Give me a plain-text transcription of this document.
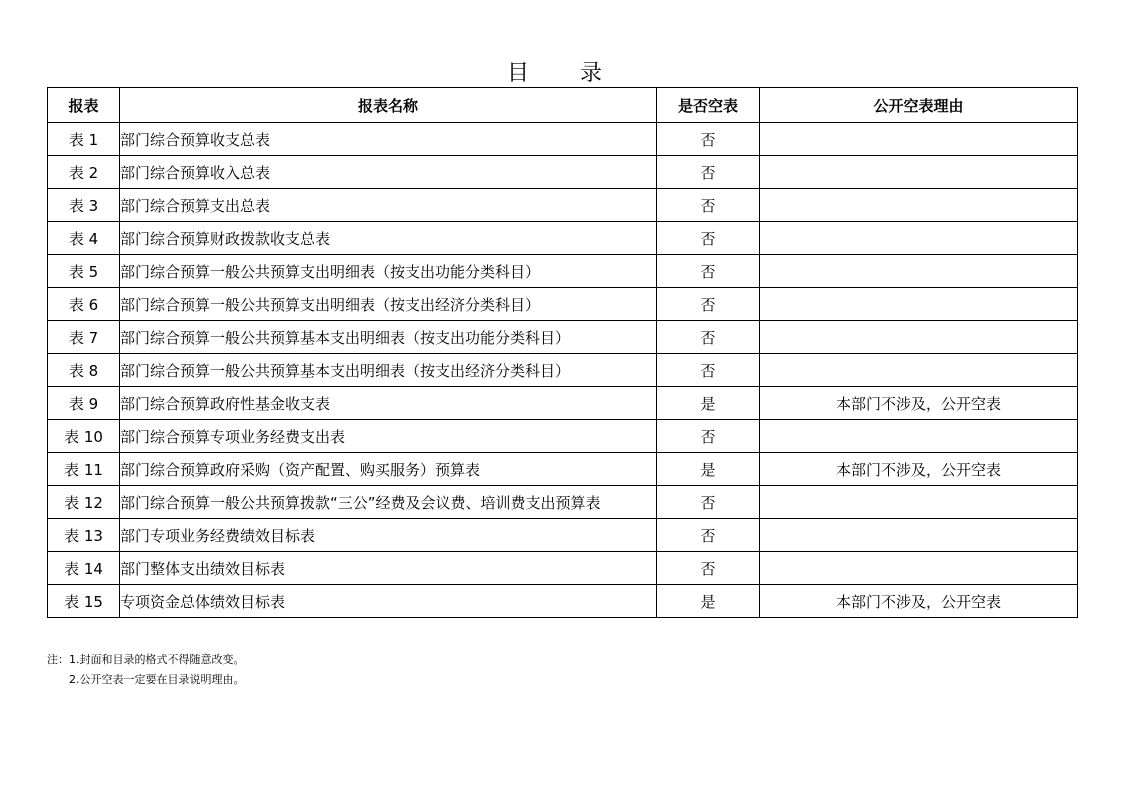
目 录
报表	报表名称	是否空表	公开空表理由
表 1	部门综合预算收支总表	否	
表 2	部门综合预算收入总表	否	
表 3	部门综合预算支出总表	否	
表 4	部门综合预算财政拨款收支总表	否	
表 5	部门综合预算一般公共预算支出明细表（按支出功能分类科目）	否	
表 6	部门综合预算一般公共预算支出明细表（按支出经济分类科目）	否	
表 7	部门综合预算一般公共预算基本支出明细表（按支出功能分类科目）	否	
表 8	部门综合预算一般公共预算基本支出明细表（按支出经济分类科目）	否	
表 9	部门综合预算政府性基金收支表	是	本部门不涉及，公开空表
表 10	部门综合预算专项业务经费支出表	否	
表 11	部门综合预算政府采购（资产配置、购买服务）预算表	是	本部门不涉及，公开空表
表 12	部门综合预算一般公共预算拨款“三公”经费及会议费、培训费支出预算表	否	
表 13	部门专项业务经费绩效目标表	否	
表 14	部门整体支出绩效目标表	否	
表 15	专项资金总体绩效目标表	是	本部门不涉及，公开空表
注：1.封面和目录的格式不得随意改变。
2.公开空表一定要在目录说明理由。
